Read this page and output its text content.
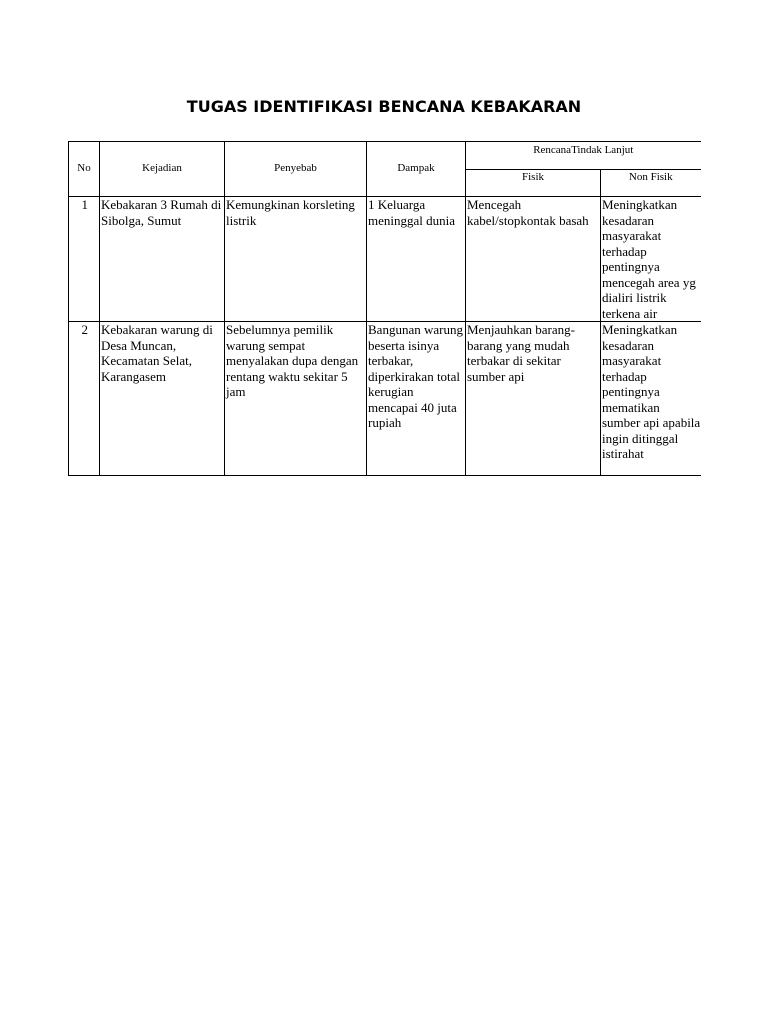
TUGAS IDENTIFIKASI BENCANA KEBAKARAN
No	Kejadian	Penyebab	Dampak	RencanaTindak Lanjut	
				Fisik	Non Fisik
1	Kebakaran 3 Rumah di Sibolga, Sumut	Kemungkinan korsleting listrik	1 Keluarga meninggal dunia	Mencegah kabel/stopkontak basah	Meningkatkan kesadaran masyarakat terhadap pentingnya mencegah area yg dialiri listrik terkena air

2	Kebakaran warung di Desa Muncan, Kecamatan Selat, Karangasem	Sebelumnya pemilik warung sempat menyalakan dupa dengan rentang waktu sekitar 5 jam	Bangunan warung beserta isinya terbakar, diperkirakan total kerugian mencapai 40 juta rupiah	Menjauhkan barang-barang yang mudah terbakar di sekitar sumber api	Meningkatkan kesadaran masyarakat terhadap pentingnya mematikan sumber api apabila ingin ditinggal istirahat
